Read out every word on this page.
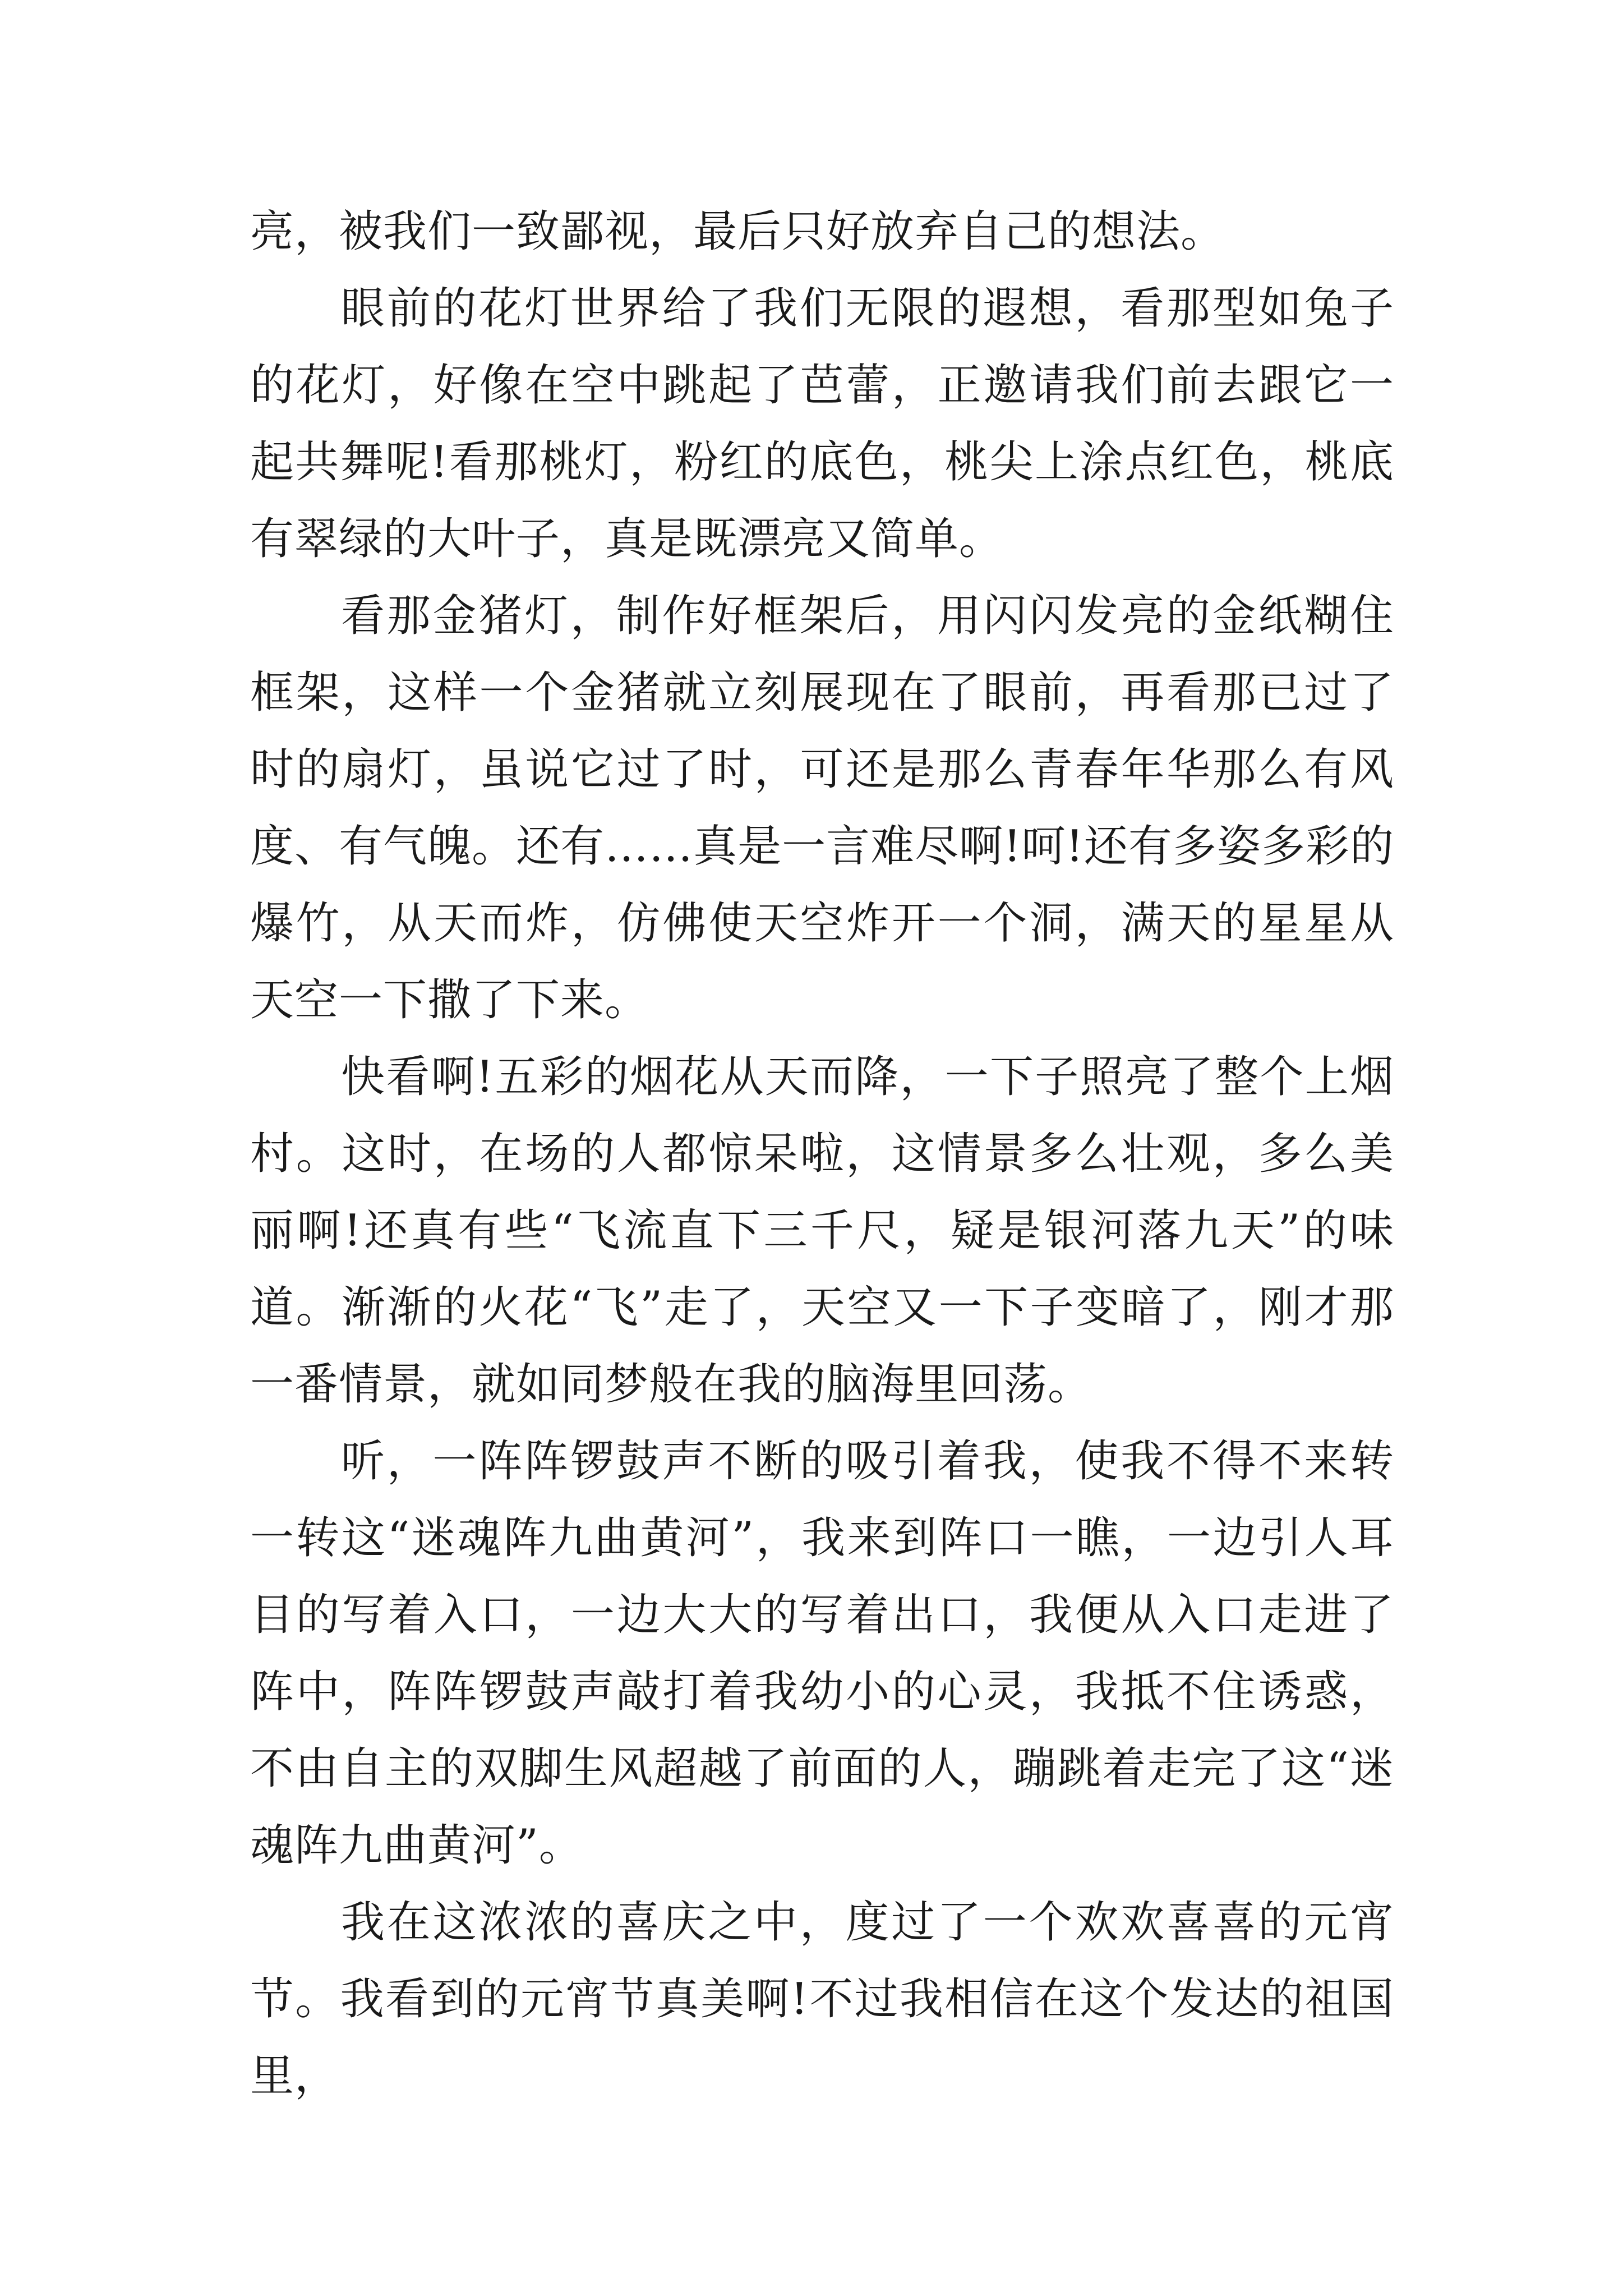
亮，被我们一致鄙视，最后只好放弃自己的想法。

眼前的花灯世界给了我们无限的遐想，看那型如兔子的花灯，好像在空中跳起了芭蕾，正邀请我们前去跟它一起共舞呢!看那桃灯，粉红的底色，桃尖上涂点红色，桃底有翠绿的大叶子，真是既漂亮又简单。

看那金猪灯，制作好框架后，用闪闪发亮的金纸糊住框架，这样一个金猪就立刻展现在了眼前，再看那已过了时的扇灯，虽说它过了时，可还是那么青春年华那么有风度、有气魄。还有……真是一言难尽啊!呵!还有多姿多彩的爆竹，从天而炸，仿佛使天空炸开一个洞，满天的星星从天空一下撒了下来。

快看啊!五彩的烟花从天而降，一下子照亮了整个上烟村。这时，在场的人都惊呆啦，这情景多么壮观，多么美丽啊!还真有些“飞流直下三千尺，疑是银河落九天”的味道。渐渐的火花“飞”走了，天空又一下子变暗了，刚才那一番情景，就如同梦般在我的脑海里回荡。

听，一阵阵锣鼓声不断的吸引着我，使我不得不来转一转这“迷魂阵九曲黄河”，我来到阵口一瞧，一边引人耳目的写着入口，一边大大的写着出口，我便从入口走进了阵中，阵阵锣鼓声敲打着我幼小的心灵，我抵不住诱惑，不由自主的双脚生风超越了前面的人，蹦跳着走完了这“迷魂阵九曲黄河”。

我在这浓浓的喜庆之中，度过了一个欢欢喜喜的元宵节。我看到的元宵节真美啊!不过我相信在这个发达的祖国里，
